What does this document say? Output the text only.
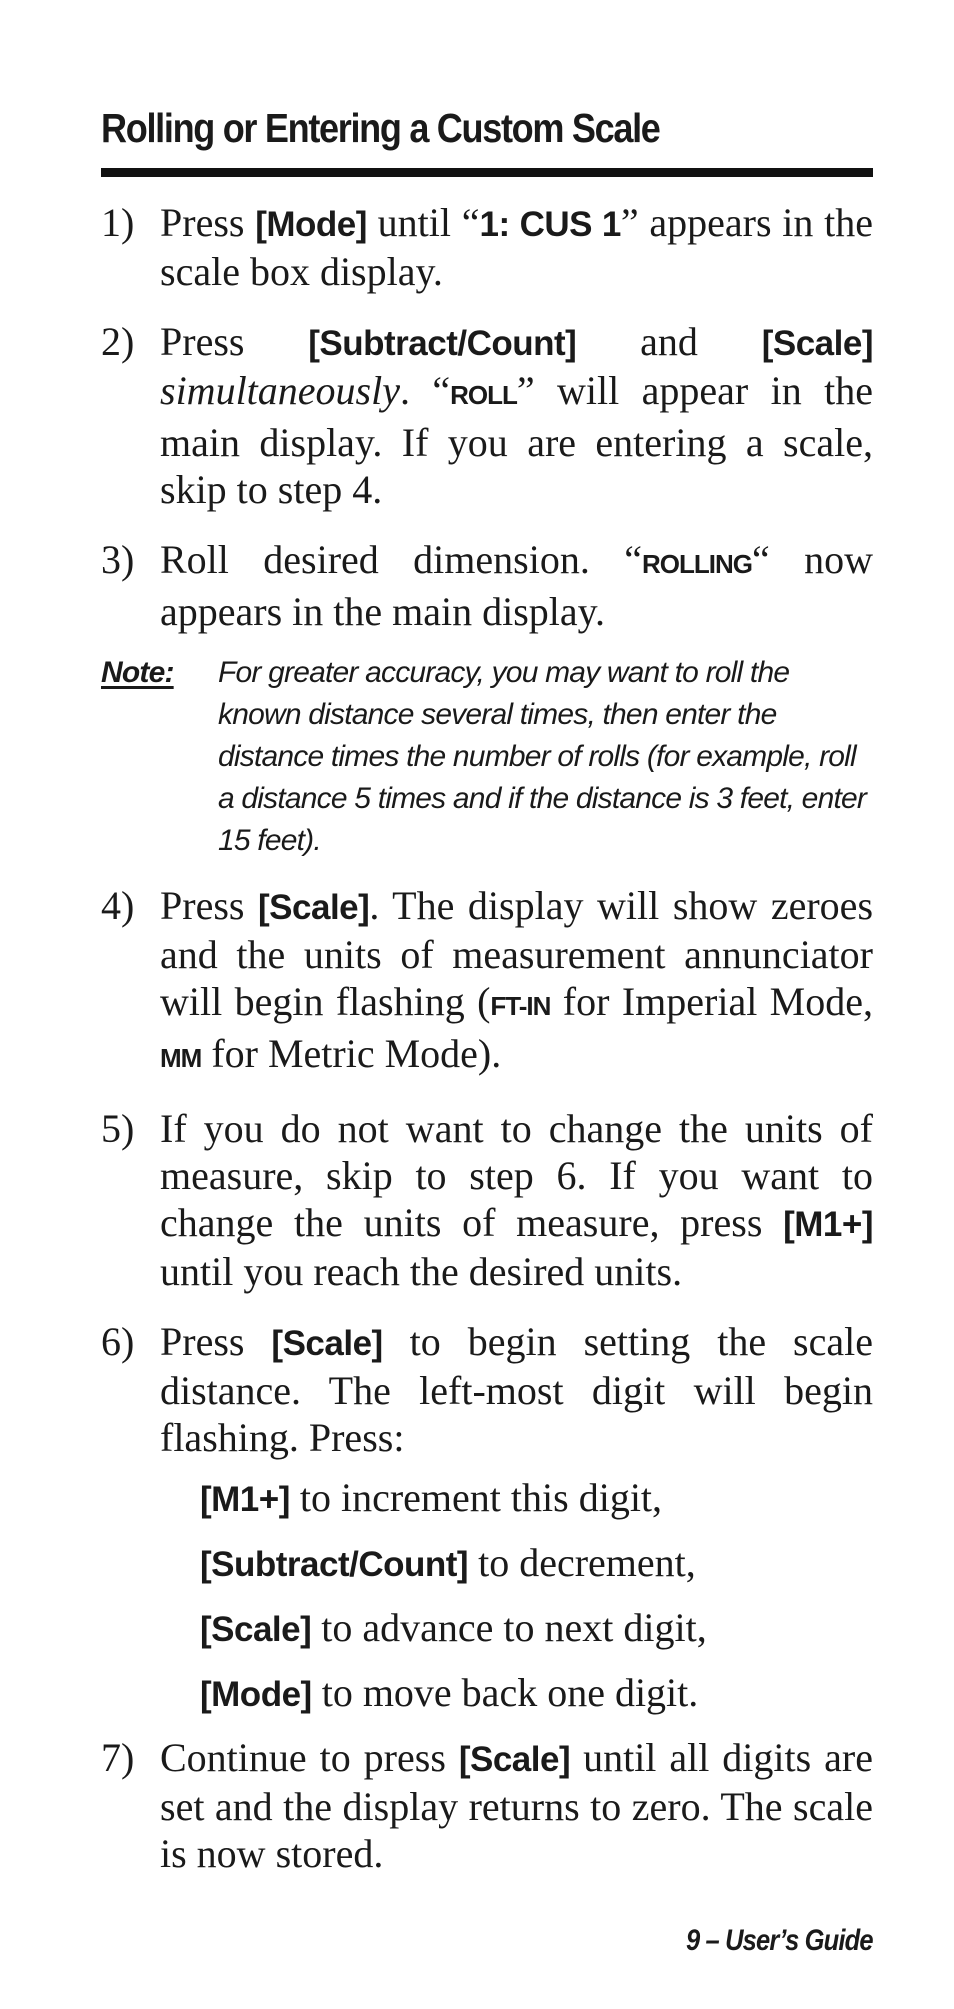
Rolling or Entering a Custom Scale
1) Press [Mode] until “1: CUS 1” appears in the scale box display.
2) Press [Subtract/Count] and [Scale] simultaneously. “ROLL” will appear in the main display. If you are entering a scale, skip to step 4.
3) Roll desired dimension. “ROLLING“ now appears in the main display.
Note:	For greater accuracy, you may want to roll the known distance several times, then enter the distance times the number of rolls (for example, roll a distance 5 times and if the distance is 3 feet, enter 15 feet).
4) Press [Scale]. The display will show zeroes and the units of measurement annunciator will begin flashing (FT-IN for Imperial Mode, MM for Metric Mode).
5) If you do not want to change the units of measure, skip to step 6. If you want to change the units of measure, press [M1+] until you reach the desired units.
6) Press [Scale] to begin setting the scale distance. The left-most digit will begin flashing. Press:
[M1+] to increment this digit,
[Subtract/Count] to decrement,
[Scale] to advance to next digit,
[Mode] to move back one digit.
7) Continue to press [Scale] until all digits are set and the display returns to zero. The scale is now stored.
9 – User’s Guide
